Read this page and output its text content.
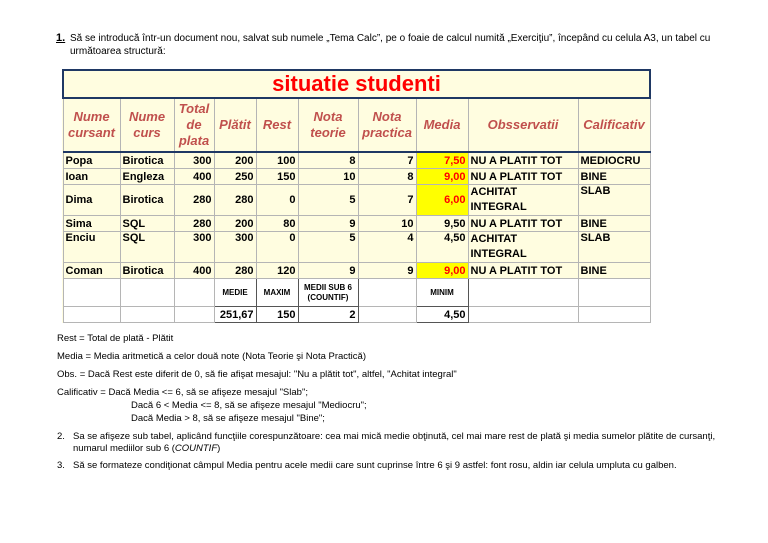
1. Să se introducă într-un document nou, salvat sub numele „Tema Calc”, pe o foaie de calcul numită „Exerciţiu”, începând cu celula A3, un tabel cu următoarea structură:
situatie studenti									
Nume cursant	Nume curs	Total de plata	Plătit	Rest	Nota teorie	Nota practica	Media	Obsservatii	Calificativ
Popa	Birotica	300	200	100	8	7	7,50	NU A PLATIT TOT	MEDIOCRU
Ioan	Engleza	400	250	150	10	8	9,00	NU A PLATIT TOT	BINE
Dima	Birotica	280	280	0	5	7	6,00	ACHITAT INTEGRAL	SLAB
Sima	SQL	280	200	80	9	10	9,50	NU A PLATIT TOT	BINE
Enciu	SQL	300	300	0	5	4	4,50	ACHITAT INTEGRAL	SLAB
Coman	Birotica	400	280	120	9	9	9,00	NU A PLATIT TOT	BINE
			MEDIE	MAXIM	MEDII SUB 6 (COUNTIF)		MINIM		
			251,67	150	2		4,50		
Rest = Total de plată - Plătit
Media = Media aritmetică a celor două note (Nota Teorie şi Nota Practică)
Obs. = Dacă Rest este diferit de 0, să fie afişat mesajul: "Nu a plătit tot", altfel, "Achitat integral"
Calificativ = Dacă Media <= 6, să se afişeze mesajul "Slab";
Dacă 6 < Media <= 8, să se afişeze mesajul "Mediocru";
Dacă Media > 8, să se afişeze mesajul "Bine";
2. Sa se afişeze sub tabel, aplicând funcţiile corespunzătoare: cea mai mică medie obţinută, cel mai mare rest de plată şi media sumelor plătite de cursanţi, numarul mediilor sub 6 (COUNTIF)
3. Să se formateze condiţionat câmpul Media pentru acele medii care sunt cuprinse între 6 şi 9 astfel: font rosu, aldin iar celula umpluta cu galben.
